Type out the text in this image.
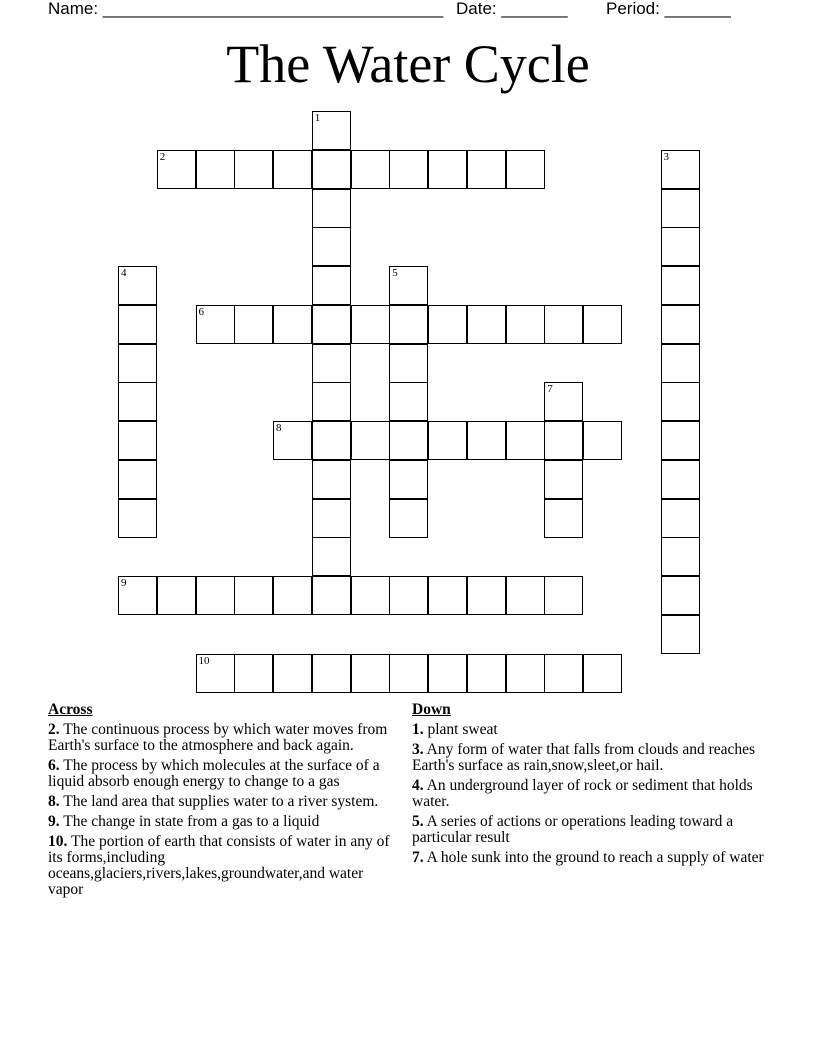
Name: ____________________________________ Date: _______ Period: _______
The Water Cycle
1
2	3
4	5
6
7
8
9
10
Across
2. The continuous process by which water moves from Earth's surface to the atmosphere and back again.
6. The process by which molecules at the surface of a liquid absorb enough energy to change to a gas
8. The land area that supplies water to a river system.
9. The change in state from a gas to a liquid
10. The portion of earth that consists of water in any of its forms,including oceans,glaciers,rivers,lakes,groundwater,and water vapor
Down
1. plant sweat
3. Any form of water that falls from clouds and reaches Earth's surface as rain,snow,sleet,or hail.
4. An underground layer of rock or sediment that holds water.
5. A series of actions or operations leading toward a particular result
7. A hole sunk into the ground to reach a supply of water
